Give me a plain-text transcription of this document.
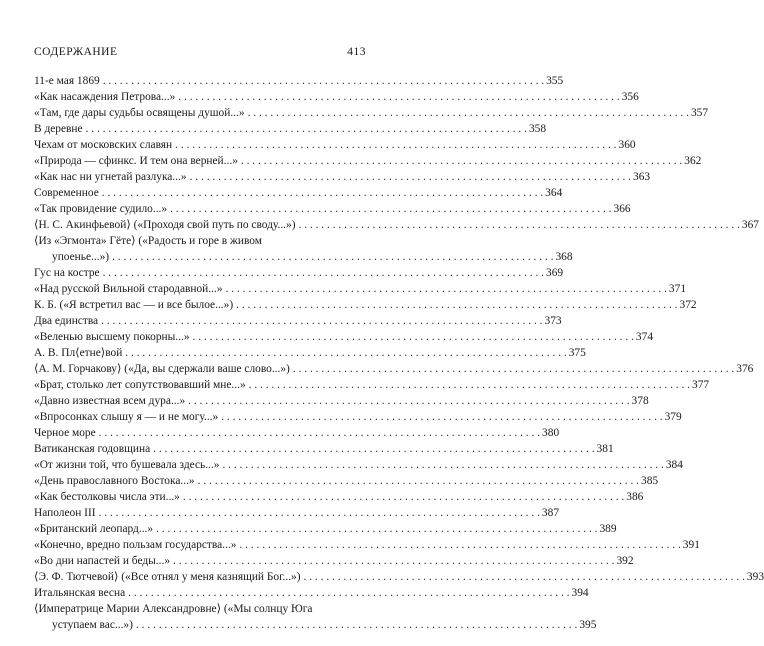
СОДЕРЖАНИЕ	413
11-е мая 1869 . . .	355
«Как насаждения Петрова...» . . .	356
«Там, где дары судьбы освящены душой...» . . .	357
В деревне . . .	358
Чехам от московских славян . . .	360
«Природа — сфинкс. И тем она верней...» . . .	362
«Как нас ни угнетай разлука...» . . .	363
Современное . . .	364
«Так провидение судило...» . . .	366
⟨Н. С. Акинфьевой⟩ («Проходя свой путь по своду...») . . .	367
⟨Из «Эгмонта» Гёте⟩ («Радость и горе в живом
упоенье...») . . .	368
Гус на костре . . .	369
«Над русской Вильной стародавной...» . . .	371
К. Б. («Я встретил вас — и все былое...») . . .	372
Два единства . . .	373
«Веленью высшему покорны...» . . .	374
А. В. Пл⟨етне⟩вой . . .	375
⟨А. М. Горчакову⟩ («Да, вы сдержали ваше слово...») . . .	376
«Брат, столько лет сопутствовавший мне...» . . .	377
«Давно известная всем дура...» . . .	378
«Впросонках слышу я — и не могу...» . . .	379
Черное море . . .	380
Ватиканская годовщина . . .	381
«От жизни той, что бушевала здесь...» . . .	384
«День православного Востока...» . . .	385
«Как бестолковы числа эти...» . . .	386
Наполеон III . . .	387
«Британский леопард...» . . .	389
«Конечно, вредно пользам государства...» . . .	391
«Во дни напастей и беды...» . . .	392
⟨Э. Ф. Тютчевой⟩ («Все отнял у меня казнящий Бог...») . . .	393
Итальянская весна . . .	394
⟨Императрице Марии Александровне⟩ («Мы солнцу Юга
уступаем вас...») . . .	395
